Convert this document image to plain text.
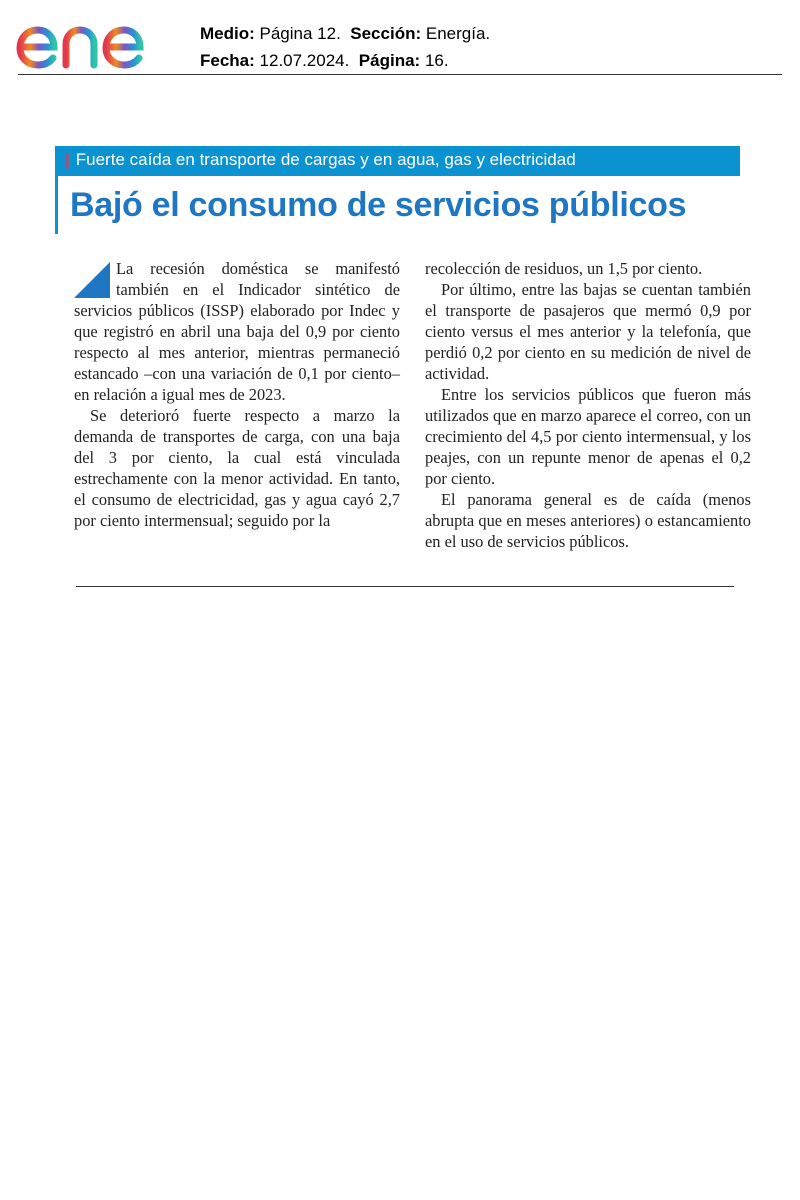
Medio: Página 12. Sección: Energía.
Fecha: 12.07.2024. Página: 16.
| Fuerte caída en transporte de cargas y en agua, gas y electricidad
Bajó el consumo de servicios públicos

La recesión doméstica se manifestó también en el Indicador sintético de servicios públicos (ISSP) elaborado por Indec y que registró en abril una baja del 0,9 por ciento respecto al mes anterior, mientras permaneció estancado –con una variación de 0,1 por ciento– en relación a igual mes de 2023.

Se deterioró fuerte respecto a marzo la demanda de transportes de carga, con una baja del 3 por ciento, la cual está vinculada estrechamente con la menor actividad. En tanto, el consumo de electricidad, gas y agua cayó 2,7 por ciento intermensual; seguido por la

recolección de residuos, un 1,5 por ciento.

Por último, entre las bajas se cuentan también el transporte de pasajeros que mermó 0,9 por ciento versus el mes anterior y la telefonía, que perdió 0,2 por ciento en su medición de nivel de actividad.

Entre los servicios públicos que fueron más utilizados que en marzo aparece el correo, con un crecimiento del 4,5 por ciento intermensual, y los peajes, con un repunte menor de apenas el 0,2 por ciento.

El panorama general es de caída (menos abrupta que en meses anteriores) o estancamiento en el uso de servicios públicos.
